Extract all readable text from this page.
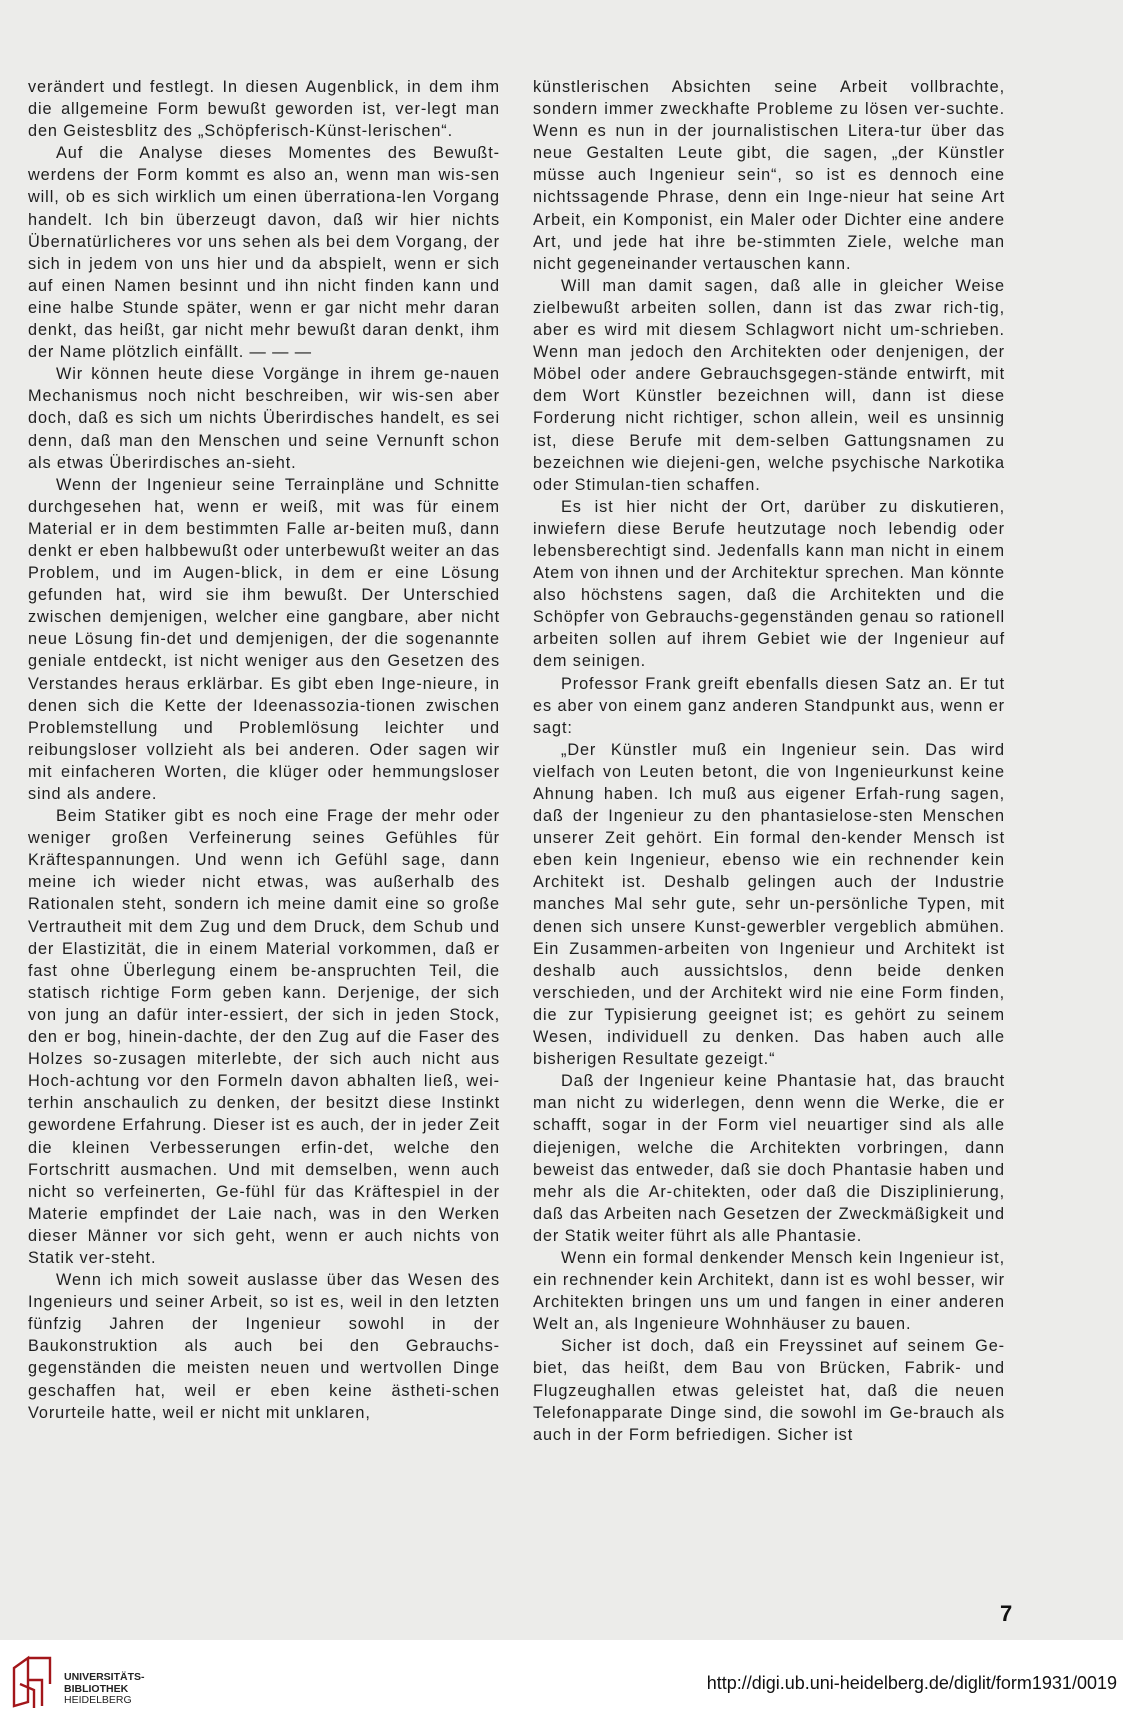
verändert und festlegt. In diesen Augenblick, in dem ihm die allgemeine Form bewußt geworden ist, ver-legt man den Geistesblitz des „Schöpferisch-Künst-lerischen“.

Auf die Analyse dieses Momentes des Bewußt-werdens der Form kommt es also an, wenn man wis-sen will, ob es sich wirklich um einen überrationa-len Vorgang handelt. Ich bin überzeugt davon, daß wir hier nichts Übernatürlicheres vor uns sehen als bei dem Vorgang, der sich in jedem von uns hier und da abspielt, wenn er sich auf einen Namen besinnt und ihn nicht finden kann und eine halbe Stunde später, wenn er gar nicht mehr daran denkt, das heißt, gar nicht mehr bewußt daran denkt, ihm der Name plötzlich einfällt. — — —

Wir können heute diese Vorgänge in ihrem ge-nauen Mechanismus noch nicht beschreiben, wir wis-sen aber doch, daß es sich um nichts Überirdisches handelt, es sei denn, daß man den Menschen und seine Vernunft schon als etwas Überirdisches an-sieht.

Wenn der Ingenieur seine Terrainpläne und Schnitte durchgesehen hat, wenn er weiß, mit was für einem Material er in dem bestimmten Falle ar-beiten muß, dann denkt er eben halbbewußt oder unterbewußt weiter an das Problem, und im Augen-blick, in dem er eine Lösung gefunden hat, wird sie ihm bewußt. Der Unterschied zwischen demjenigen, welcher eine gangbare, aber nicht neue Lösung fin-det und demjenigen, der die sogenannte geniale entdeckt, ist nicht weniger aus den Gesetzen des Verstandes heraus erklärbar. Es gibt eben Inge-nieure, in denen sich die Kette der Ideenassozia-tionen zwischen Problemstellung und Problemlösung leichter und reibungsloser vollzieht als bei anderen. Oder sagen wir mit einfacheren Worten, die klüger oder hemmungsloser sind als andere.

Beim Statiker gibt es noch eine Frage der mehr oder weniger großen Verfeinerung seines Gefühles für Kräftespannungen. Und wenn ich Gefühl sage, dann meine ich wieder nicht etwas, was außerhalb des Rationalen steht, sondern ich meine damit eine so große Vertrautheit mit dem Zug und dem Druck, dem Schub und der Elastizität, die in einem Material vorkommen, daß er fast ohne Überlegung einem be-anspruchten Teil, die statisch richtige Form geben kann. Derjenige, der sich von jung an dafür inter-essiert, der sich in jeden Stock, den er bog, hinein-dachte, der den Zug auf die Faser des Holzes so-zusagen miterlebte, der sich auch nicht aus Hoch-achtung vor den Formeln davon abhalten ließ, wei-terhin anschaulich zu denken, der besitzt diese Instinkt gewordene Erfahrung. Dieser ist es auch, der in jeder Zeit die kleinen Verbesserungen erfin-det, welche den Fortschritt ausmachen. Und mit demselben, wenn auch nicht so verfeinerten, Ge-fühl für das Kräftespiel in der Materie empfindet der Laie nach, was in den Werken dieser Männer vor sich geht, wenn er auch nichts von Statik ver-steht.

Wenn ich mich soweit auslasse über das Wesen des Ingenieurs und seiner Arbeit, so ist es, weil in den letzten fünfzig Jahren der Ingenieur sowohl in der Baukonstruktion als auch bei den Gebrauchs-gegenständen die meisten neuen und wertvollen Dinge geschaffen hat, weil er eben keine ästheti-schen Vorurteile hatte, weil er nicht mit unklaren,

künstlerischen Absichten seine Arbeit vollbrachte, sondern immer zweckhafte Probleme zu lösen ver-suchte. Wenn es nun in der journalistischen Litera-tur über das neue Gestalten Leute gibt, die sagen, „der Künstler müsse auch Ingenieur sein“, so ist es dennoch eine nichtssagende Phrase, denn ein Inge-nieur hat seine Art Arbeit, ein Komponist, ein Maler oder Dichter eine andere Art, und jede hat ihre be-stimmten Ziele, welche man nicht gegeneinander vertauschen kann.

Will man damit sagen, daß alle in gleicher Weise zielbewußt arbeiten sollen, dann ist das zwar rich-tig, aber es wird mit diesem Schlagwort nicht um-schrieben. Wenn man jedoch den Architekten oder denjenigen, der Möbel oder andere Gebrauchsgegen-stände entwirft, mit dem Wort Künstler bezeichnen will, dann ist diese Forderung nicht richtiger, schon allein, weil es unsinnig ist, diese Berufe mit dem-selben Gattungsnamen zu bezeichnen wie diejeni-gen, welche psychische Narkotika oder Stimulan-tien schaffen.

Es ist hier nicht der Ort, darüber zu diskutieren, inwiefern diese Berufe heutzutage noch lebendig oder lebensberechtigt sind. Jedenfalls kann man nicht in einem Atem von ihnen und der Architektur sprechen. Man könnte also höchstens sagen, daß die Architekten und die Schöpfer von Gebrauchs-gegenständen genau so rationell arbeiten sollen auf ihrem Gebiet wie der Ingenieur auf dem seinigen.

Professor Frank greift ebenfalls diesen Satz an. Er tut es aber von einem ganz anderen Standpunkt aus, wenn er sagt:

„Der Künstler muß ein Ingenieur sein. Das wird vielfach von Leuten betont, die von Ingenieurkunst keine Ahnung haben. Ich muß aus eigener Erfah-rung sagen, daß der Ingenieur zu den phantasielose-sten Menschen unserer Zeit gehört. Ein formal den-kender Mensch ist eben kein Ingenieur, ebenso wie ein rechnender kein Architekt ist. Deshalb gelingen auch der Industrie manches Mal sehr gute, sehr un-persönliche Typen, mit denen sich unsere Kunst-gewerbler vergeblich abmühen. Ein Zusammen-arbeiten von Ingenieur und Architekt ist deshalb auch aussichtslos, denn beide denken verschieden, und der Architekt wird nie eine Form finden, die zur Typisierung geeignet ist; es gehört zu seinem Wesen, individuell zu denken. Das haben auch alle bisherigen Resultate gezeigt.“

Daß der Ingenieur keine Phantasie hat, das braucht man nicht zu widerlegen, denn wenn die Werke, die er schafft, sogar in der Form viel neuartiger sind als alle diejenigen, welche die Architekten vorbringen, dann beweist das entweder, daß sie doch Phantasie haben und mehr als die Ar-chitekten, oder daß die Disziplinierung, daß das Arbeiten nach Gesetzen der Zweckmäßigkeit und der Statik weiter führt als alle Phantasie.

Wenn ein formal denkender Mensch kein Ingenieur ist, ein rechnender kein Architekt, dann ist es wohl besser, wir Architekten bringen uns um und fangen in einer anderen Welt an, als Ingenieure Wohnhäuser zu bauen.

Sicher ist doch, daß ein Freyssinet auf seinem Ge-biet, das heißt, dem Bau von Brücken, Fabrik- und Flugzeughallen etwas geleistet hat, daß die neuen Telefonapparate Dinge sind, die sowohl im Ge-brauch als auch in der Form befriedigen. Sicher ist

7
UNIVERSITÄTS-
BIBLIOTHEK
HEIDELBERG
http://digi.ub.uni-heidelberg.de/diglit/form1931/0019
